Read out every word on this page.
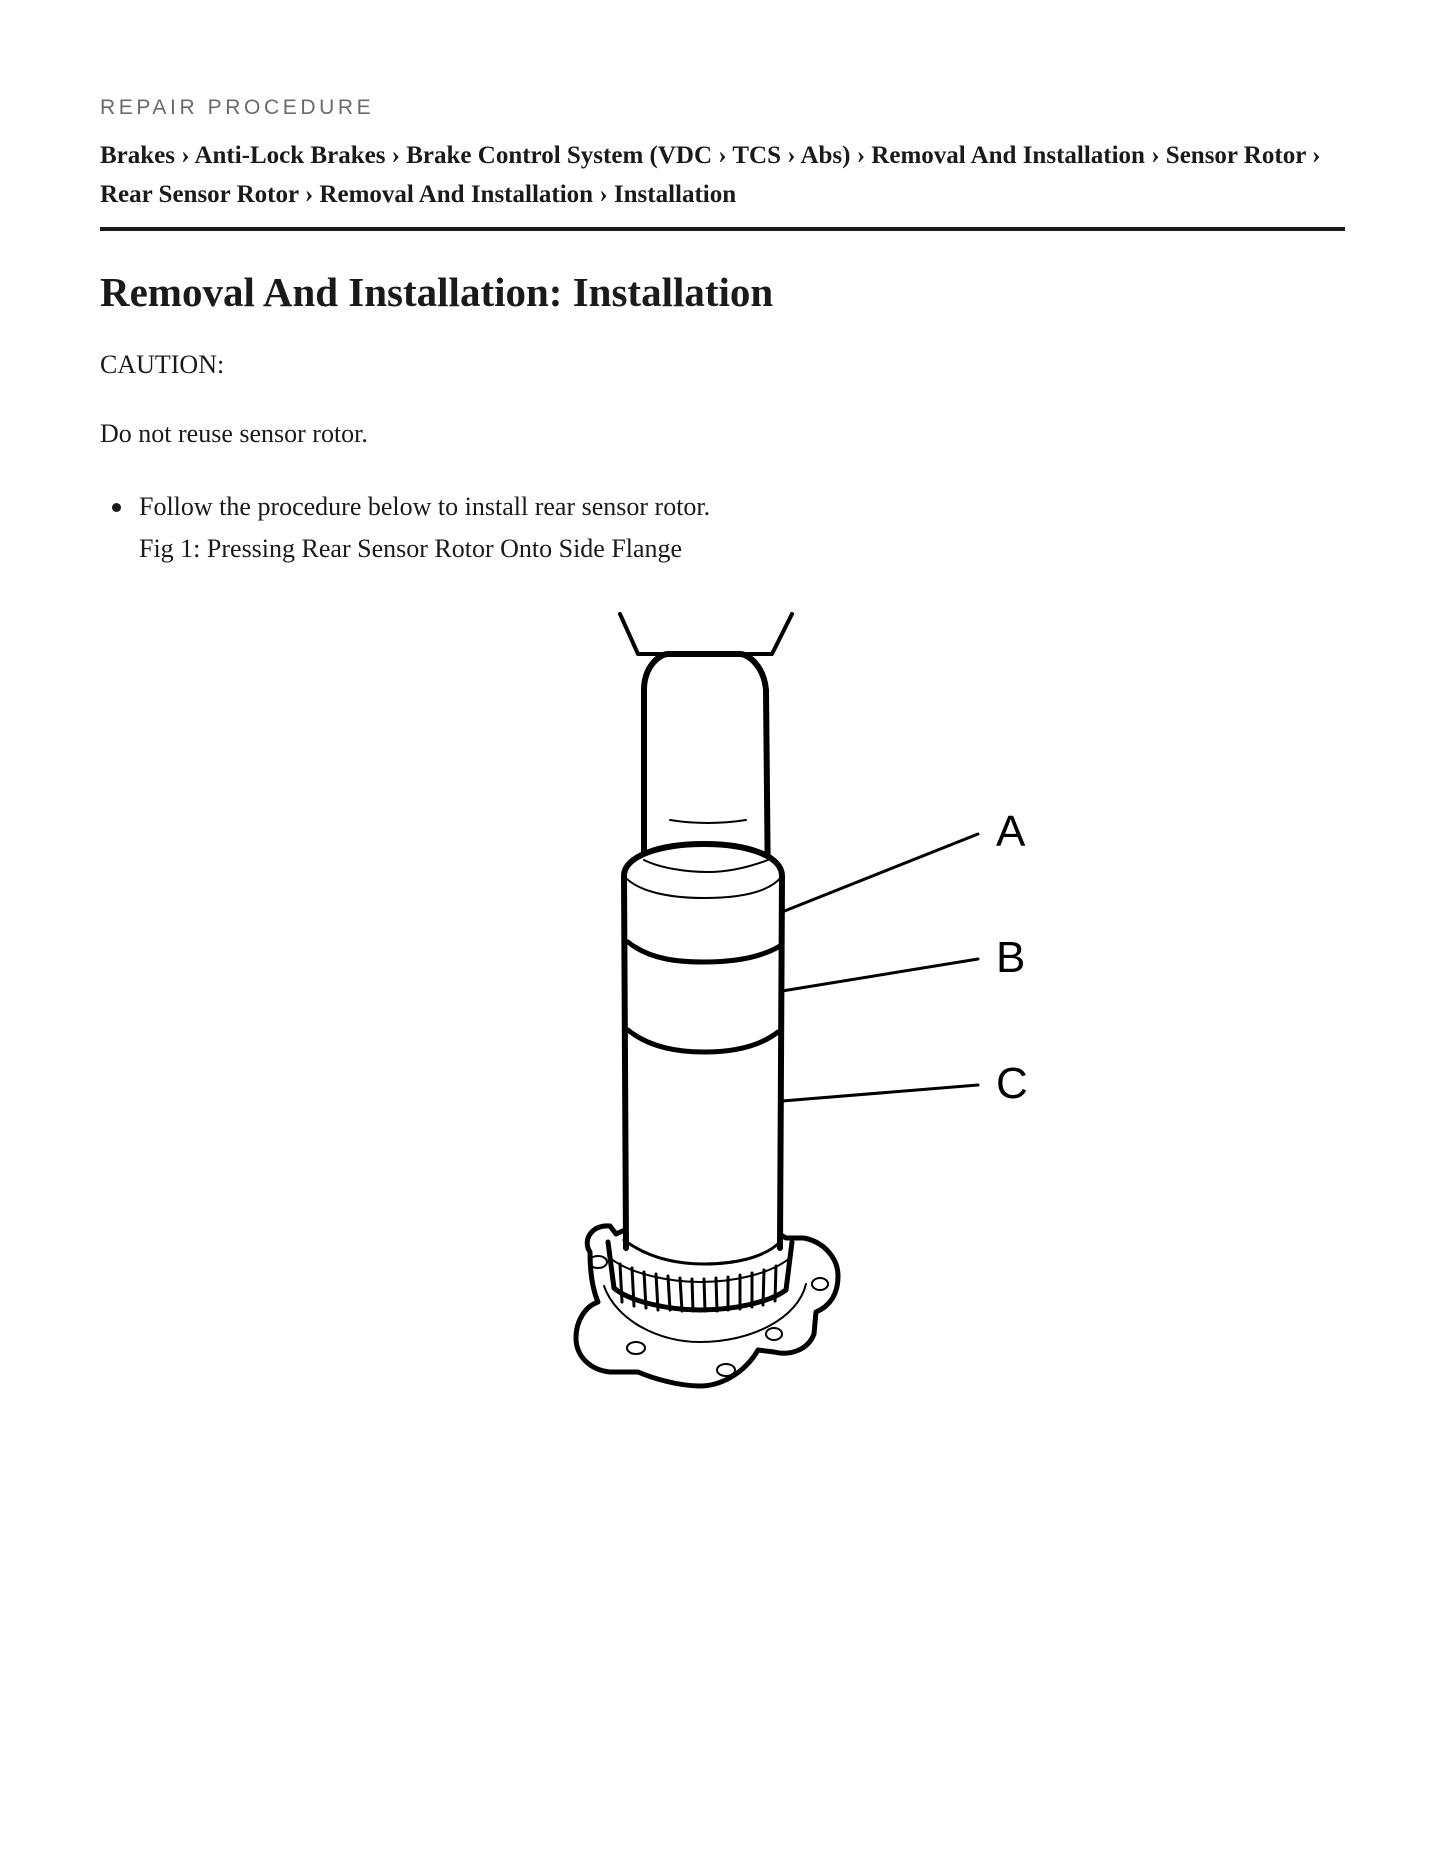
REPAIR PROCEDURE
Brakes › Anti-Lock Brakes › Brake Control System (VDC › TCS › Abs) › Removal And Installation › Sensor Rotor › Rear Sensor Rotor › Removal And Installation › Installation
Removal And Installation: Installation
CAUTION:
Do not reuse sensor rotor.
Follow the procedure below to install rear sensor rotor.
Fig 1: Pressing Rear Sensor Rotor Onto Side Flange
A
B
C
